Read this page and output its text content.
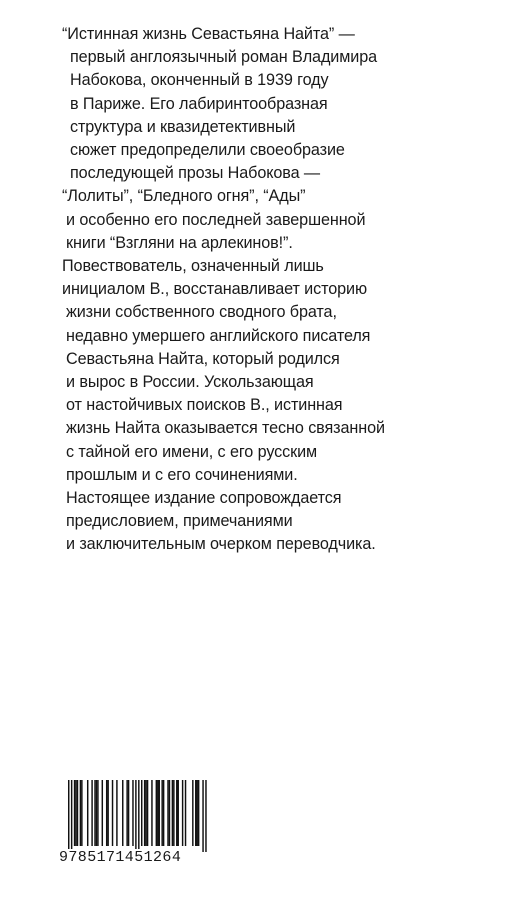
“Истинная жизнь Севастьяна Найта” —
первый англоязычный роман Владимира
Набокова, оконченный в 1939 году
в Париже. Его лабиринтообразная
структура и квазидетективный
сюжет предопределили своеобразие
последующей прозы Набокова —
“Лолиты”, “Бледного огня”, “Ады”
и особенно его последней завершенной
книги “Взгляни на арлекинов!”.
Повествователь, означенный лишь
инициалом В., восстанавливает историю
жизни собственного сводного брата,
недавно умершего английского писателя
Севастьяна Найта, который родился
и вырос в России. Ускользающая
от настойчивых поисков В., истинная
жизнь Найта оказывается тесно связанной
с тайной его имени, с его русским
прошлым и с его сочинениями.
Настоящее издание сопровождается
предисловием, примечаниями
и заключительным очерком переводчика.
9785171451264
